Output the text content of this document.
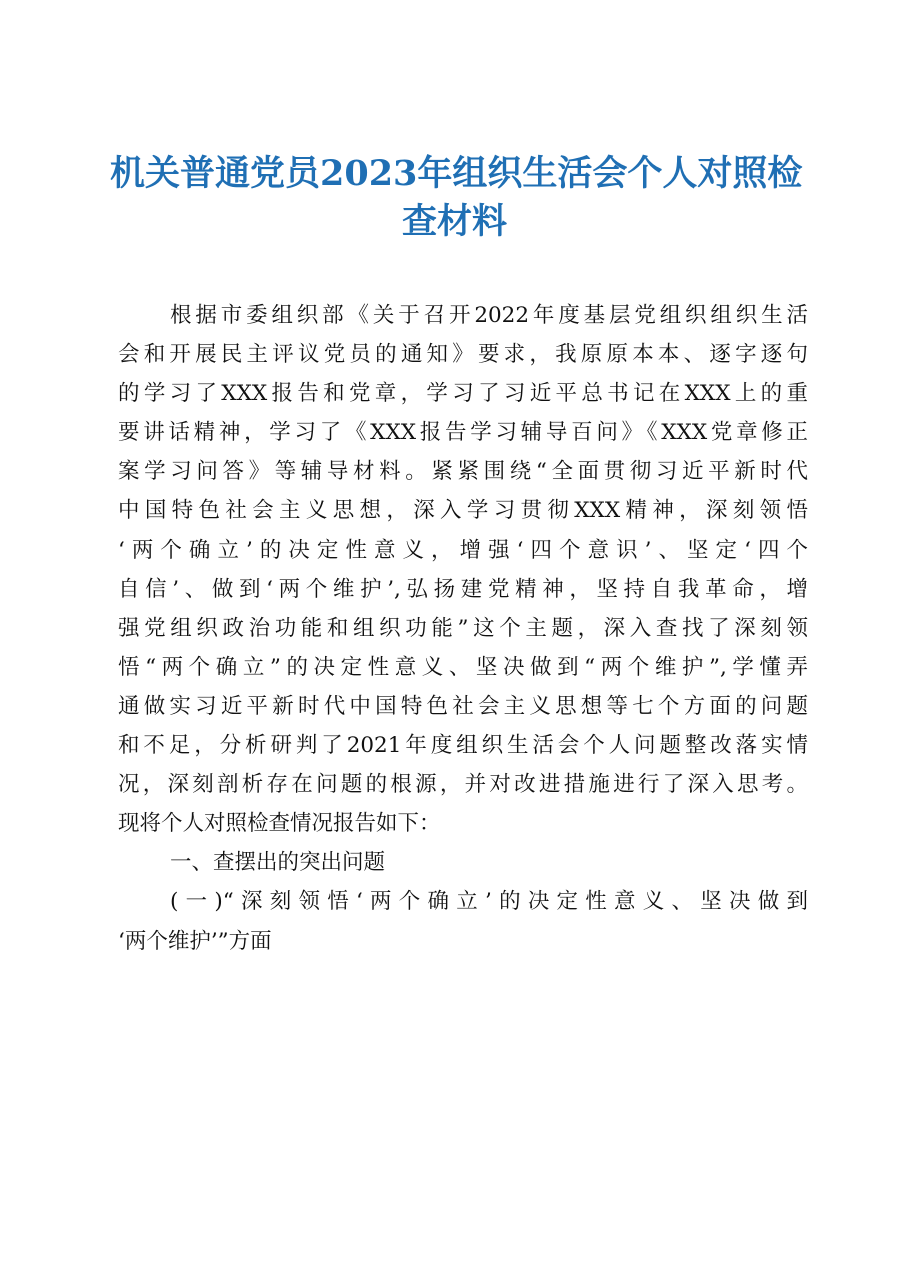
机关普通党员2023年组织生活会个人对照检
查材料
根据市委组织部《关于召开2022年度基层党组织组织生活
会和开展民主评议党员的通知》要求，我原原本本、逐字逐句
的学习了XXX报告和党章，学习了习近平总书记在XXX上的重
要讲话精神，学习了《XXX报告学习辅导百问》《XXX党章修正
案学习问答》等辅导材料。紧紧围绕“全面贯彻习近平新时代
中国特色社会主义思想，深入学习贯彻XXX精神，深刻领悟
‘两个确立’的决定性意义，增强‘四个意识’、坚定‘四个
自信’、做到‘两个维护’,弘扬建党精神，坚持自我革命，增
强党组织政治功能和组织功能”这个主题，深入查找了深刻领
悟“两个确立”的决定性意义、坚决做到“两个维护”,学懂弄
通做实习近平新时代中国特色社会主义思想等七个方面的问题
和不足，分析研判了2021年度组织生活会个人问题整改落实情
况，深刻剖析存在问题的根源，并对改进措施进行了深入思考。
现将个人对照检查情况报告如下：
一、查摆出的突出问题
(一)“深刻领悟‘两个确立’的决定性意义、坚决做到
‘两个维护’”方面
